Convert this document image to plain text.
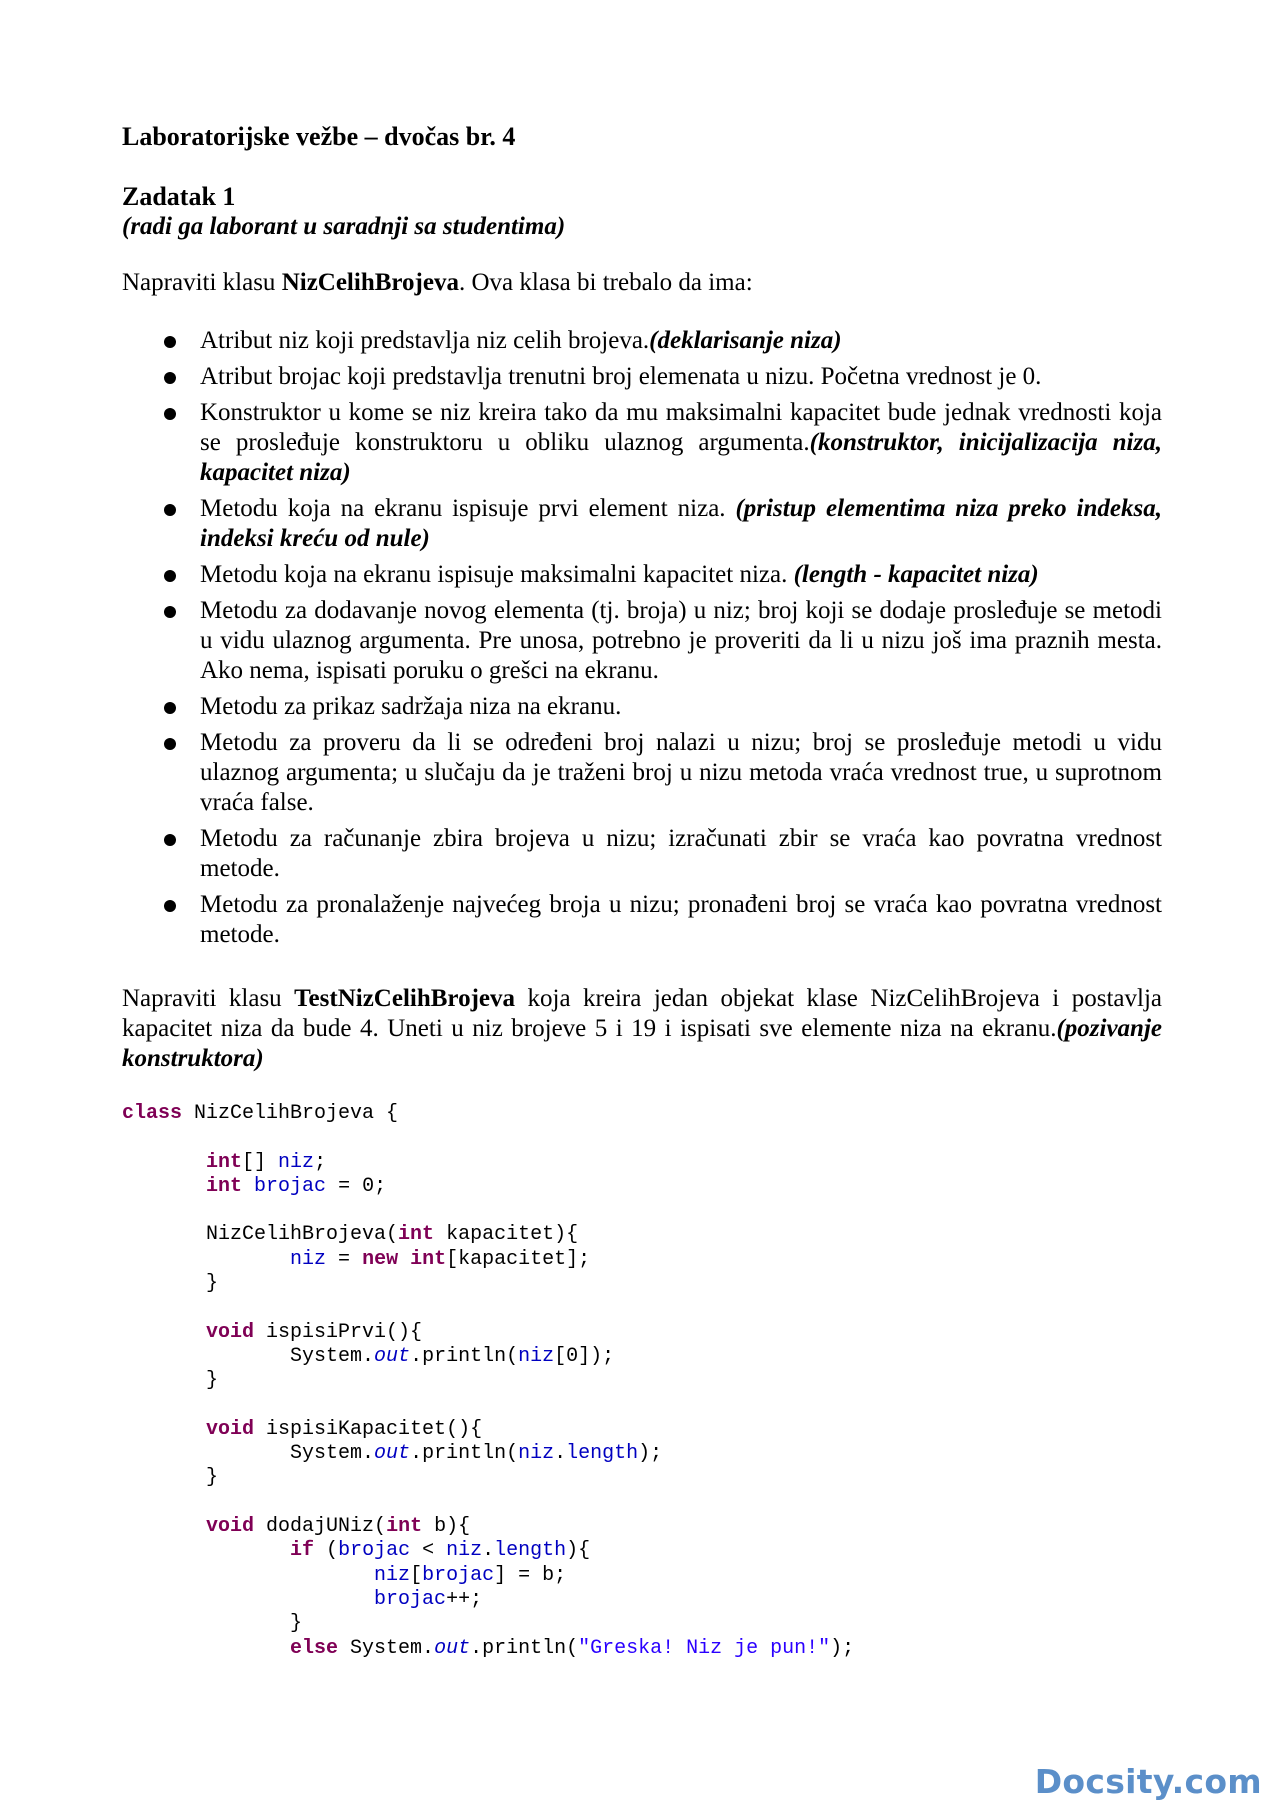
Laboratorijske vežbe – dvočas br. 4

Zadatak 1

(radi ga laborant u saradnji sa studentima)

Napraviti klasu NizCelihBrojeva. Ova klasa bi trebalo da ima:

Atribut niz koji predstavlja niz celih brojeva.(deklarisanje niza)
Atribut brojac koji predstavlja trenutni broj elemenata u nizu. Početna vrednost je 0.
Konstruktor u kome se niz kreira tako da mu maksimalni kapacitet bude jednak vrednosti koja se prosleđuje konstruktoru u obliku ulaznog argumenta.(konstruktor, inicijalizacija niza, kapacitet niza)
Metodu koja na ekranu ispisuje prvi element niza. (pristup elementima niza preko indeksa, indeksi kreću od nule)
Metodu koja na ekranu ispisuje maksimalni kapacitet niza. (length - kapacitet niza)
Metodu za dodavanje novog elementa (tj. broja) u niz; broj koji se dodaje prosleđuje se metodi u vidu ulaznog argumenta. Pre unosa, potrebno je proveriti da li u nizu još ima praznih mesta. Ako nema, ispisati poruku o grešci na ekranu.
Metodu za prikaz sadržaja niza na ekranu.
Metodu za proveru da li se određeni broj nalazi u nizu; broj se prosleđuje metodi u vidu ulaznog argumenta; u slučaju da je traženi broj u nizu metoda vraća vrednost true, u suprotnom vraća false.
Metodu za računanje zbira brojeva u nizu; izračunati zbir se vraća kao povratna vrednost metode.
Metodu za pronalaženje najvećeg broja u nizu; pronađeni broj se vraća kao povratna vrednost metode.

Napraviti klasu TestNizCelihBrojeva koja kreira jedan objekat klase NizCelihBrojeva i postavlja kapacitet niza da bude 4. Uneti u niz brojeve 5 i 19 i ispisati sve elemente niza na ekranu.(pozivanje konstruktora)

class NizCelihBrojeva {

int[] niz;
int brojac = 0;

NizCelihBrojeva(int kapacitet){
niz = new int[kapacitet];
}

void ispisiPrvi(){
System.out.println(niz[0]);
}

void ispisiKapacitet(){
System.out.println(niz.length);
}

void dodajUNiz(int b){
if (brojac < niz.length){
niz[brojac] = b;
brojac++;
}
else System.out.println("Greska! Niz je pun!");
Docsity.com
